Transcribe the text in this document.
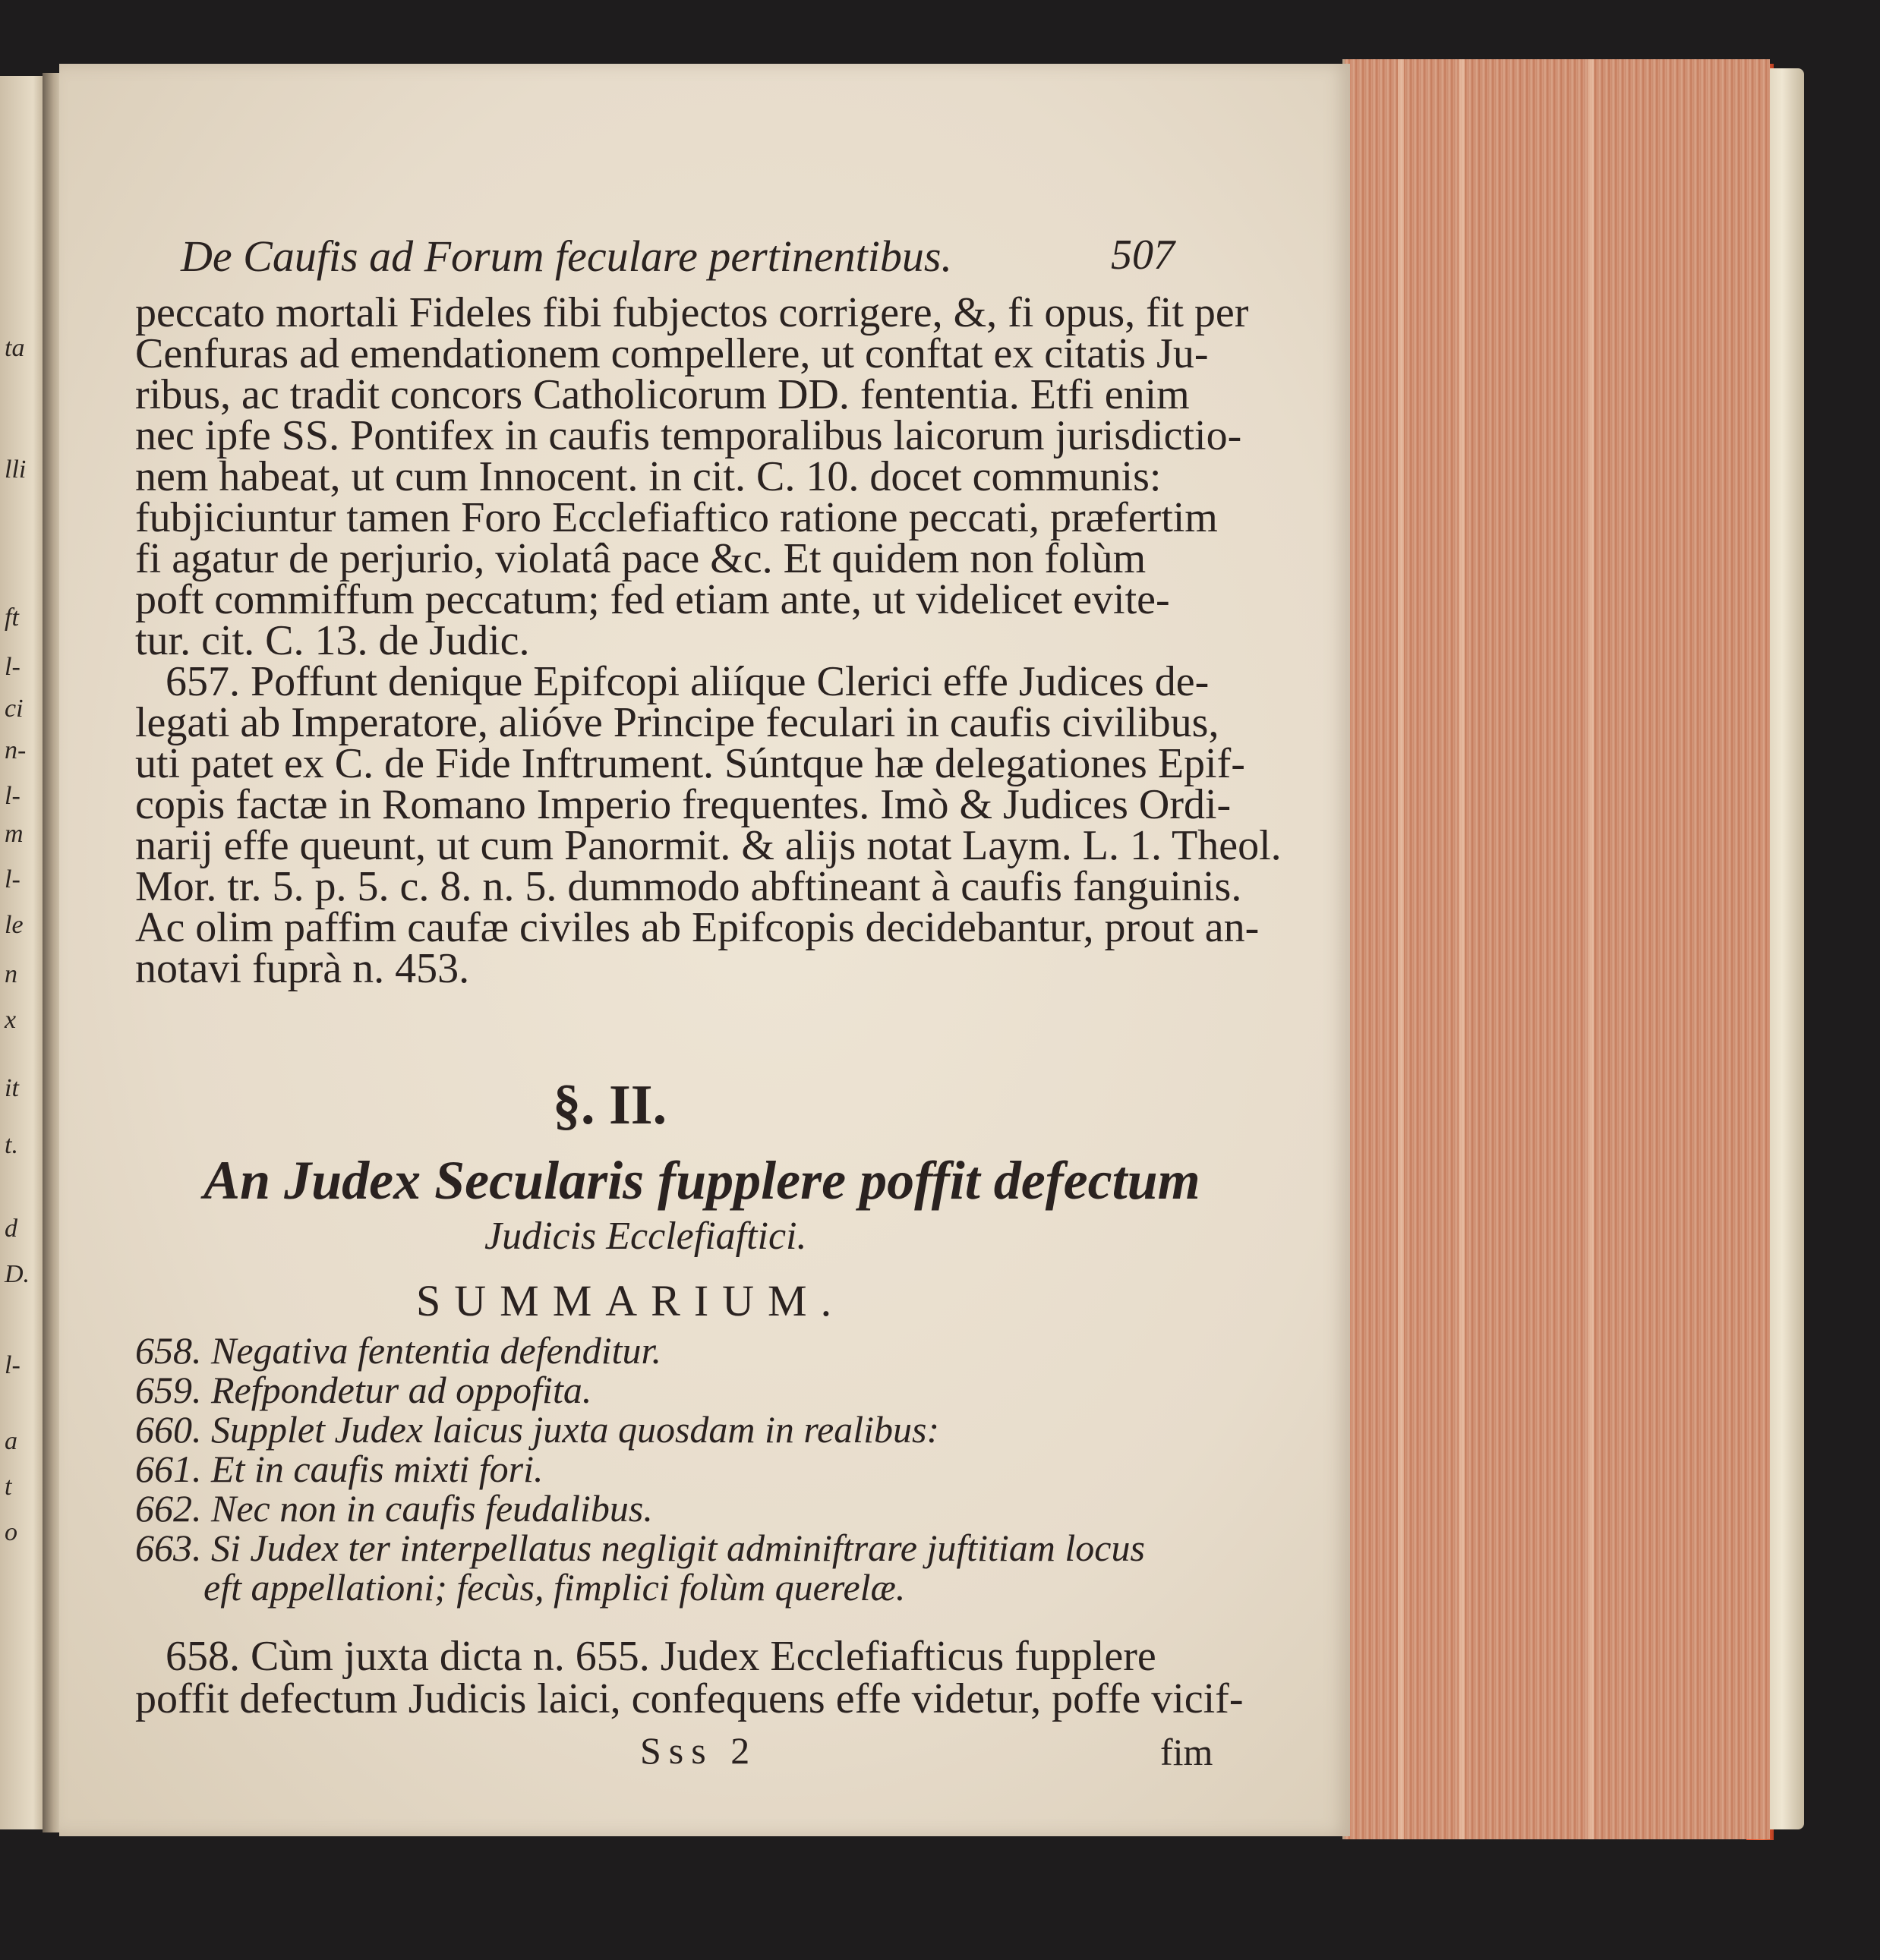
De Caufis ad Forum feculare pertinentibus.	507
peccato mortali Fideles fibi fubjectos corrigere, &, fi opus, fit per
Cenfuras ad emendationem compellere, ut conftat ex citatis Ju-
ribus, ac tradit concors Catholicorum DD. fententia. Etfi enim
nec ipfe SS. Pontifex in caufis temporalibus laicorum jurisdictio-
nem habeat, ut cum Innocent. in cit. C. 10. docet communis:
fubjiciuntur tamen Foro Ecclefiaftico ratione peccati, præfertim
fi agatur de perjurio, violatâ pace &c. Et quidem non folùm
poft commiffum peccatum; fed etiam ante, ut videlicet evite-
tur. cit. C. 13. de Judic.
657. Poffunt denique Epifcopi aliíque Clerici effe Judices de-
legati ab Imperatore, alióve Principe feculari in caufis civilibus,
uti patet ex C. de Fide Inftrument. Súntque hæ delegationes Epif-
copis factæ in Romano Imperio frequentes. Imò & Judices Ordi-
narij effe queunt, ut cum Panormit. & alijs notat Laym. L. 1. Theol.
Mor. tr. 5. p. 5. c. 8. n. 5. dummodo abftineant à caufis fanguinis.
Ac olim paffim caufæ civiles ab Epifcopis decidebantur, prout an-
notavi fuprà n. 453.
§. II.
An Judex Secularis fupplere poffit defectum
Judicis Ecclefiaftici.
SUMMARIUM.
658. Negativa fententia defenditur.
659. Refpondetur ad oppofita.
660. Supplet Judex laicus juxta quosdam in realibus:
661. Et in caufis mixti fori.
662. Nec non in caufis feudalibus.
663. Si Judex ter interpellatus negligit adminiftrare juftitiam locus
eft appellationi; fecùs, fimplici folùm querelæ.
658. Cùm juxta dicta n. 655. Judex Ecclefiafticus fupplere
poffit defectum Judicis laici, confequens effe videtur, poffe vicif-
Sss 2	fim
ta
lli
ft
l-
ci
n-
l-
m
l-
le
n
x
it
t.
d
D.
l-
a
t
o
